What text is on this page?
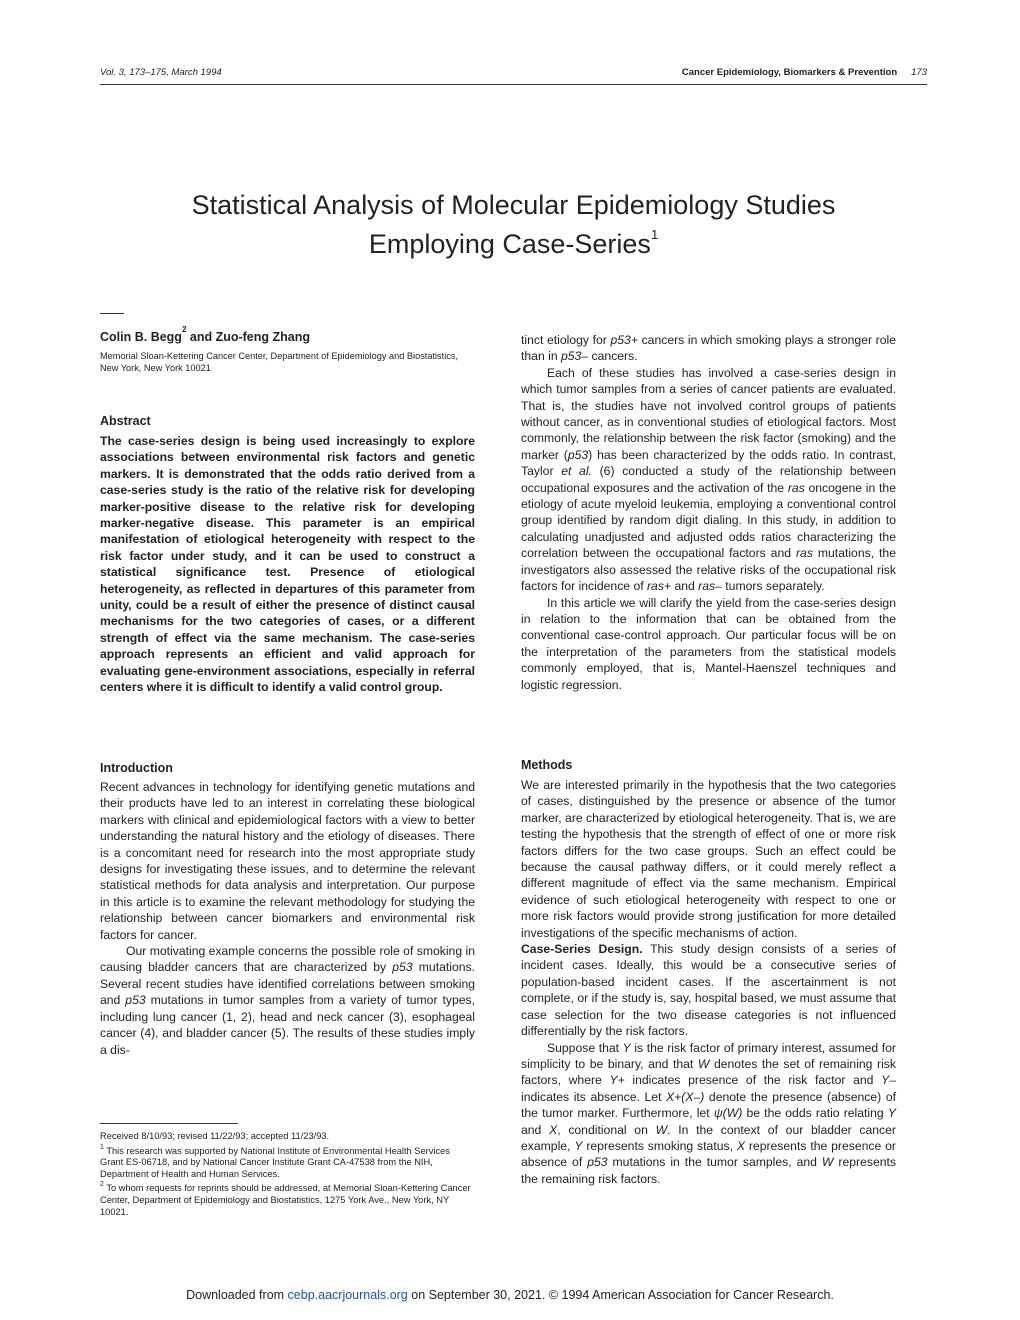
Vol. 3, 173–175, March 1994	Cancer Epidemiology, Biomarkers & Prevention 173
Statistical Analysis of Molecular Epidemiology Studies
Employing Case-Series$^1$
Colin B. Begg$^2$ and Zuo-feng Zhang
Memorial Sloan-Kettering Cancer Center, Department of Epidemiology and Biostatistics, New York, New York 10021
Abstract
The case-series design is being used increasingly to explore associations between environmental risk factors and genetic markers. It is demonstrated that the odds ratio derived from a case-series study is the ratio of the relative risk for developing marker-positive disease to the relative risk for developing marker-negative disease. This parameter is an empirical manifestation of etiological heterogeneity with respect to the risk factor under study, and it can be used to construct a statistical significance test. Presence of etiological heterogeneity, as reflected in departures of this parameter from unity, could be a result of either the presence of distinct causal mechanisms for the two categories of cases, or a different strength of effect via the same mechanism. The case-series approach represents an efficient and valid approach for evaluating gene-environment associations, especially in referral centers where it is difficult to identify a valid control group.
Introduction

Recent advances in technology for identifying genetic mutations and their products have led to an interest in correlating these biological markers with clinical and epidemiological factors with a view to better understanding the natural history and the etiology of diseases. There is a concomitant need for research into the most appropriate study designs for investigating these issues, and to determine the relevant statistical methods for data analysis and interpretation. Our purpose in this article is to examine the relevant methodology for studying the relationship between cancer biomarkers and environmental risk factors for cancer.

Our motivating example concerns the possible role of smoking in causing bladder cancers that are characterized by p53 mutations. Several recent studies have identified correlations between smoking and p53 mutations in tumor samples from a variety of tumor types, including lung cancer (1, 2), head and neck cancer (3), esophageal cancer (4), and bladder cancer (5). The results of these studies imply a dis-

Received 8/10/93; revised 11/22/93; accepted 11/23/93.

$^1$ This research was supported by National Institute of Environmental Health Services Grant ES-06718, and by National Cancer Institute Grant CA-47538 from the NIH, Department of Health and Human Services.

$^2$ To whom requests for reprints should be addressed, at Memorial Sloan-Kettering Cancer Center, Department of Epidemiology and Biostatistics, 1275 York Ave., New York, NY 10021.

tinct etiology for p53+ cancers in which smoking plays a stronger role than in p53– cancers.

Each of these studies has involved a case-series design in which tumor samples from a series of cancer patients are evaluated. That is, the studies have not involved control groups of patients without cancer, as in conventional studies of etiological factors. Most commonly, the relationship between the risk factor (smoking) and the marker (p53) has been characterized by the odds ratio. In contrast, Taylor et al. (6) conducted a study of the relationship between occupational exposures and the activation of the ras oncogene in the etiology of acute myeloid leukemia, employing a conventional control group identified by random digit dialing. In this study, in addition to calculating unadjusted and adjusted odds ratios characterizing the correlation between the occupational factors and ras mutations, the investigators also assessed the relative risks of the occupational risk factors for incidence of ras+ and ras– tumors separately.

In this article we will clarify the yield from the case-series design in relation to the information that can be obtained from the conventional case-control approach. Our particular focus will be on the interpretation of the parameters from the statistical models commonly employed, that is, Mantel-Haenszel techniques and logistic regression.

Methods

We are interested primarily in the hypothesis that the two categories of cases, distinguished by the presence or absence of the tumor marker, are characterized by etiological heterogeneity. That is, we are testing the hypothesis that the strength of effect of one or more risk factors differs for the two case groups. Such an effect could be because the causal pathway differs, or it could merely reflect a different magnitude of effect via the same mechanism. Empirical evidence of such etiological heterogeneity with respect to one or more risk factors would provide strong justification for more detailed investigations of the specific mechanisms of action.

Case-Series Design. This study design consists of a series of incident cases. Ideally, this would be a consecutive series of population-based incident cases. If the ascertainment is not complete, or if the study is, say, hospital based, we must assume that case selection for the two disease categories is not influenced differentially by the risk factors.

Suppose that Y is the risk factor of primary interest, assumed for simplicity to be binary, and that W denotes the set of remaining risk factors, where Y+ indicates presence of the risk factor and Y– indicates its absence. Let X+(X–) denote the presence (absence) of the tumor marker. Furthermore, let ψ(W) be the odds ratio relating Y and X, conditional on W. In the context of our bladder cancer example, Y represents smoking status, X represents the presence or absence of p53 mutations in the tumor samples, and W represents the remaining risk factors.

Downloaded from cebp.aacrjournals.org on September 30, 2021. © 1994 American Association for Cancer Research.
